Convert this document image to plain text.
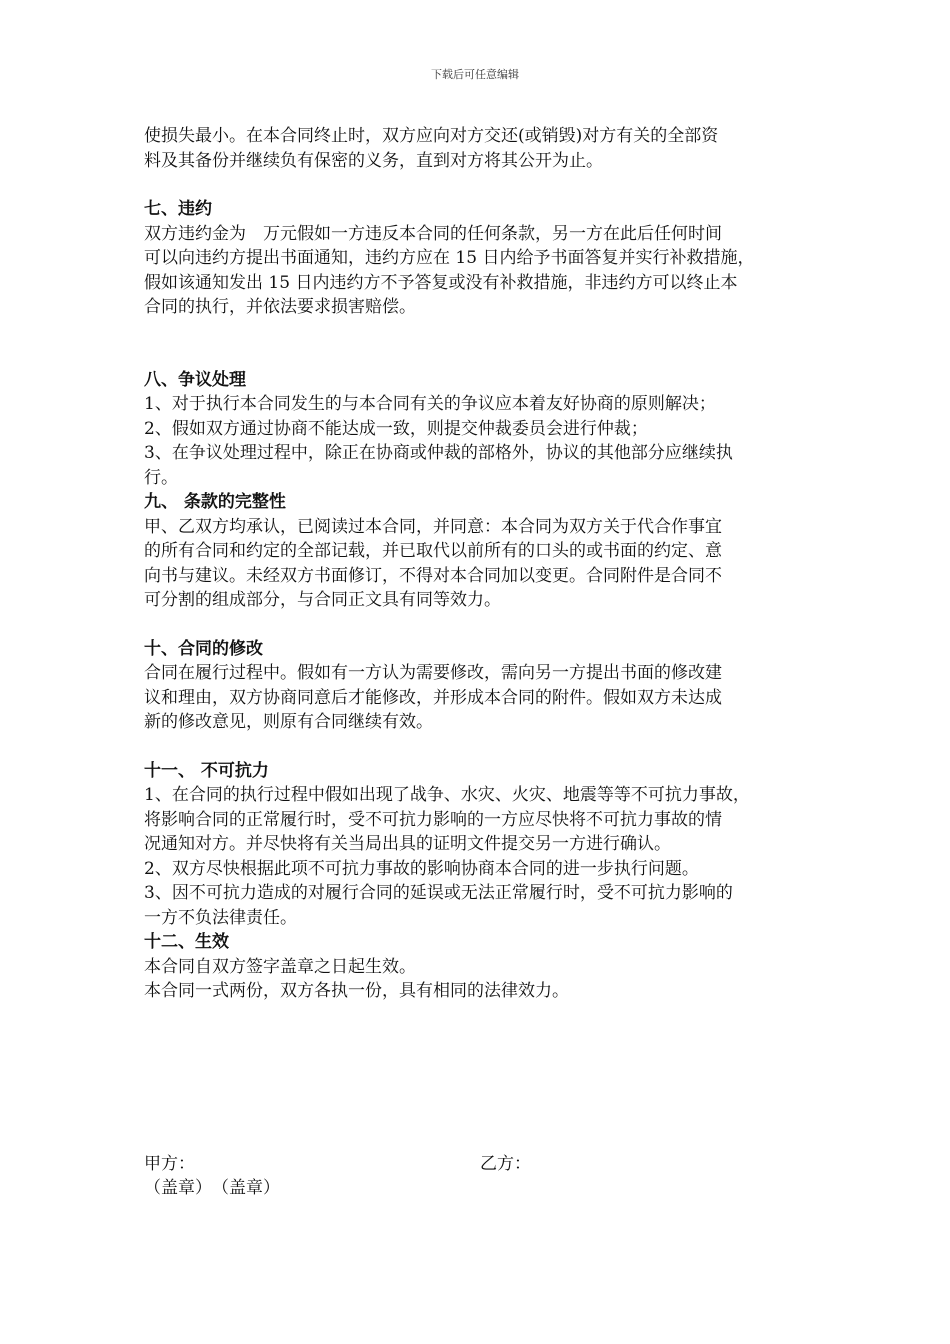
下载后可任意编辑

使损失最小。在本合同终止时，双方应向对方交还(或销毁)对方有关的全部资

料及其备份并继续负有保密的义务，直到对方将其公开为止。

七、违约

双方违约金为　万元假如一方违反本合同的任何条款，另一方在此后任何时间

可以向违约方提出书面通知，违约方应在 15 日内给予书面答复并实行补救措施，

假如该通知发出 15 日内违约方不予答复或没有补救措施，非违约方可以终止本

合同的执行，并依法要求损害赔偿。

八、争议处理

1、对于执行本合同发生的与本合同有关的争议应本着友好协商的原则解决；

2、假如双方通过协商不能达成一致，则提交仲裁委员会进行仲裁；

3、在争议处理过程中，除正在协商或仲裁的部格外，协议的其他部分应继续执

行。

九、 条款的完整性

甲、乙双方均承认，已阅读过本合同，并同意：本合同为双方关于代合作事宜

的所有合同和约定的全部记载，并已取代以前所有的口头的或书面的约定、意

向书与建议。未经双方书面修订，不得对本合同加以变更。合同附件是合同不

可分割的组成部分，与合同正文具有同等效力。

十、合同的修改

合同在履行过程中。假如有一方认为需要修改，需向另一方提出书面的修改建

议和理由，双方协商同意后才能修改，并形成本合同的附件。假如双方未达成

新的修改意见，则原有合同继续有效。

十一、 不可抗力

1、在合同的执行过程中假如出现了战争、水灾、火灾、地震等等不可抗力事故，

将影响合同的正常履行时，受不可抗力影响的一方应尽快将不可抗力事故的情

况通知对方。并尽快将有关当局出具的证明文件提交另一方进行确认。

2、双方尽快根据此项不可抗力事故的影响协商本合同的进一步执行问题。

3、因不可抗力造成的对履行合同的延误或无法正常履行时，受不可抗力影响的

一方不负法律责任。

十二、生效

本合同自双方签字盖章之日起生效。

本合同一式两份，双方各执一份，具有相同的法律效力。

甲方：	乙方：

（盖章）　（盖章）
